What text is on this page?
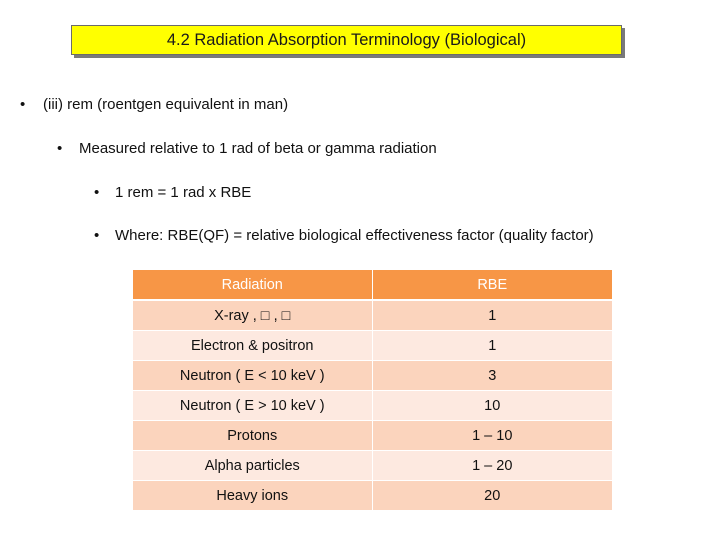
4.2 Radiation Absorption Terminology (Biological)
• (iii) rem (roentgen equivalent in man)
• Measured relative to 1 rad of beta or gamma radiation
• 1 rem = 1 rad x RBE
• Where: RBE(QF) = relative biological effectiveness factor (quality factor)
Radiation	RBE
X-ray , □ , □	1
Electron & positron	1
Neutron ( E < 10 keV )	3
Neutron ( E > 10 keV )	10
Protons	1 – 10
Alpha particles	1 – 20
Heavy ions	20
